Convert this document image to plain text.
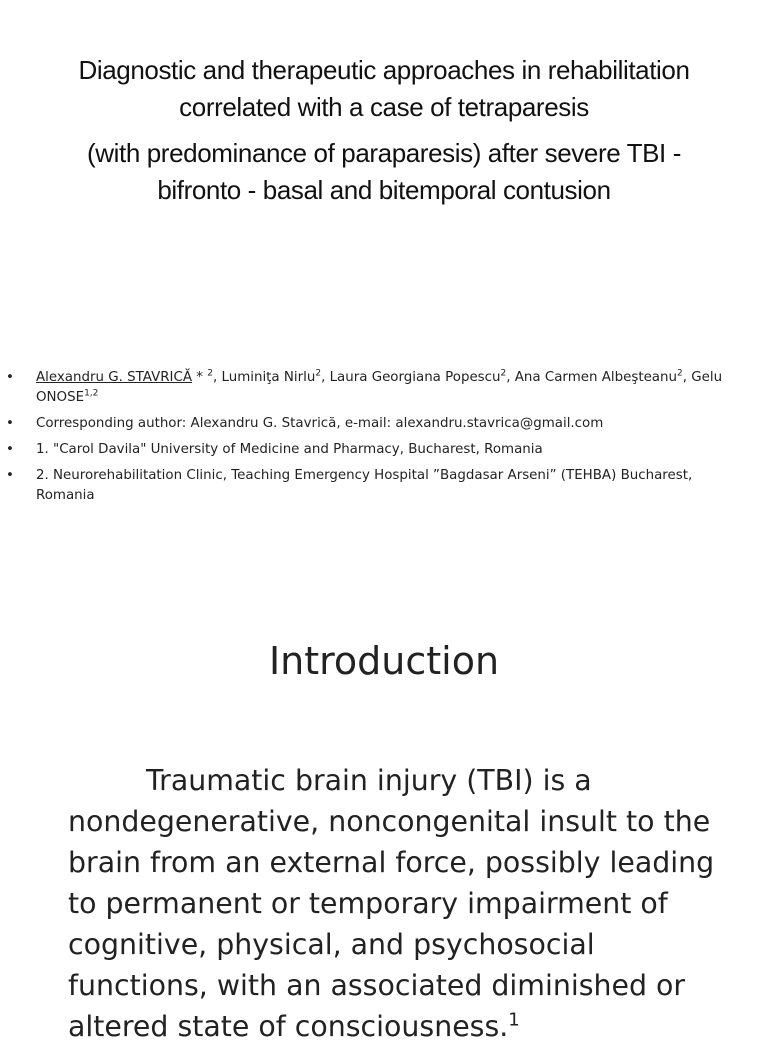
Diagnostic and therapeutic approaches in rehabilitation
correlated with a case of tetraparesis
(with predominance of paraparesis) after severe TBI -
bifronto - basal and bitemporal contusion
• Alexandru G. STAVRICĂ * $^2$, Luminiţa Nirlu$^2$, Laura Georgiana Popescu$^2$, Ana Carmen Albeşteanu$^2$, Gelu ONOSE$^{1,2}$
• Corresponding author: Alexandru G. Stavrică, e-mail: alexandru.stavrica@gmail.com
• 1. "Carol Davila" University of Medicine and Pharmacy, Bucharest, Romania
• 2. Neurorehabilitation Clinic, Teaching Emergency Hospital ”Bagdasar Arseni” (TEHBA) Bucharest, Romania
Introduction

Traumatic brain injury (TBI) is a nondegenerative, noncongenital insult to the brain from an external force, possibly leading to permanent or temporary impairment of cognitive, physical, and psychosocial functions, with an associated diminished or altered state of consciousness.$^1$
